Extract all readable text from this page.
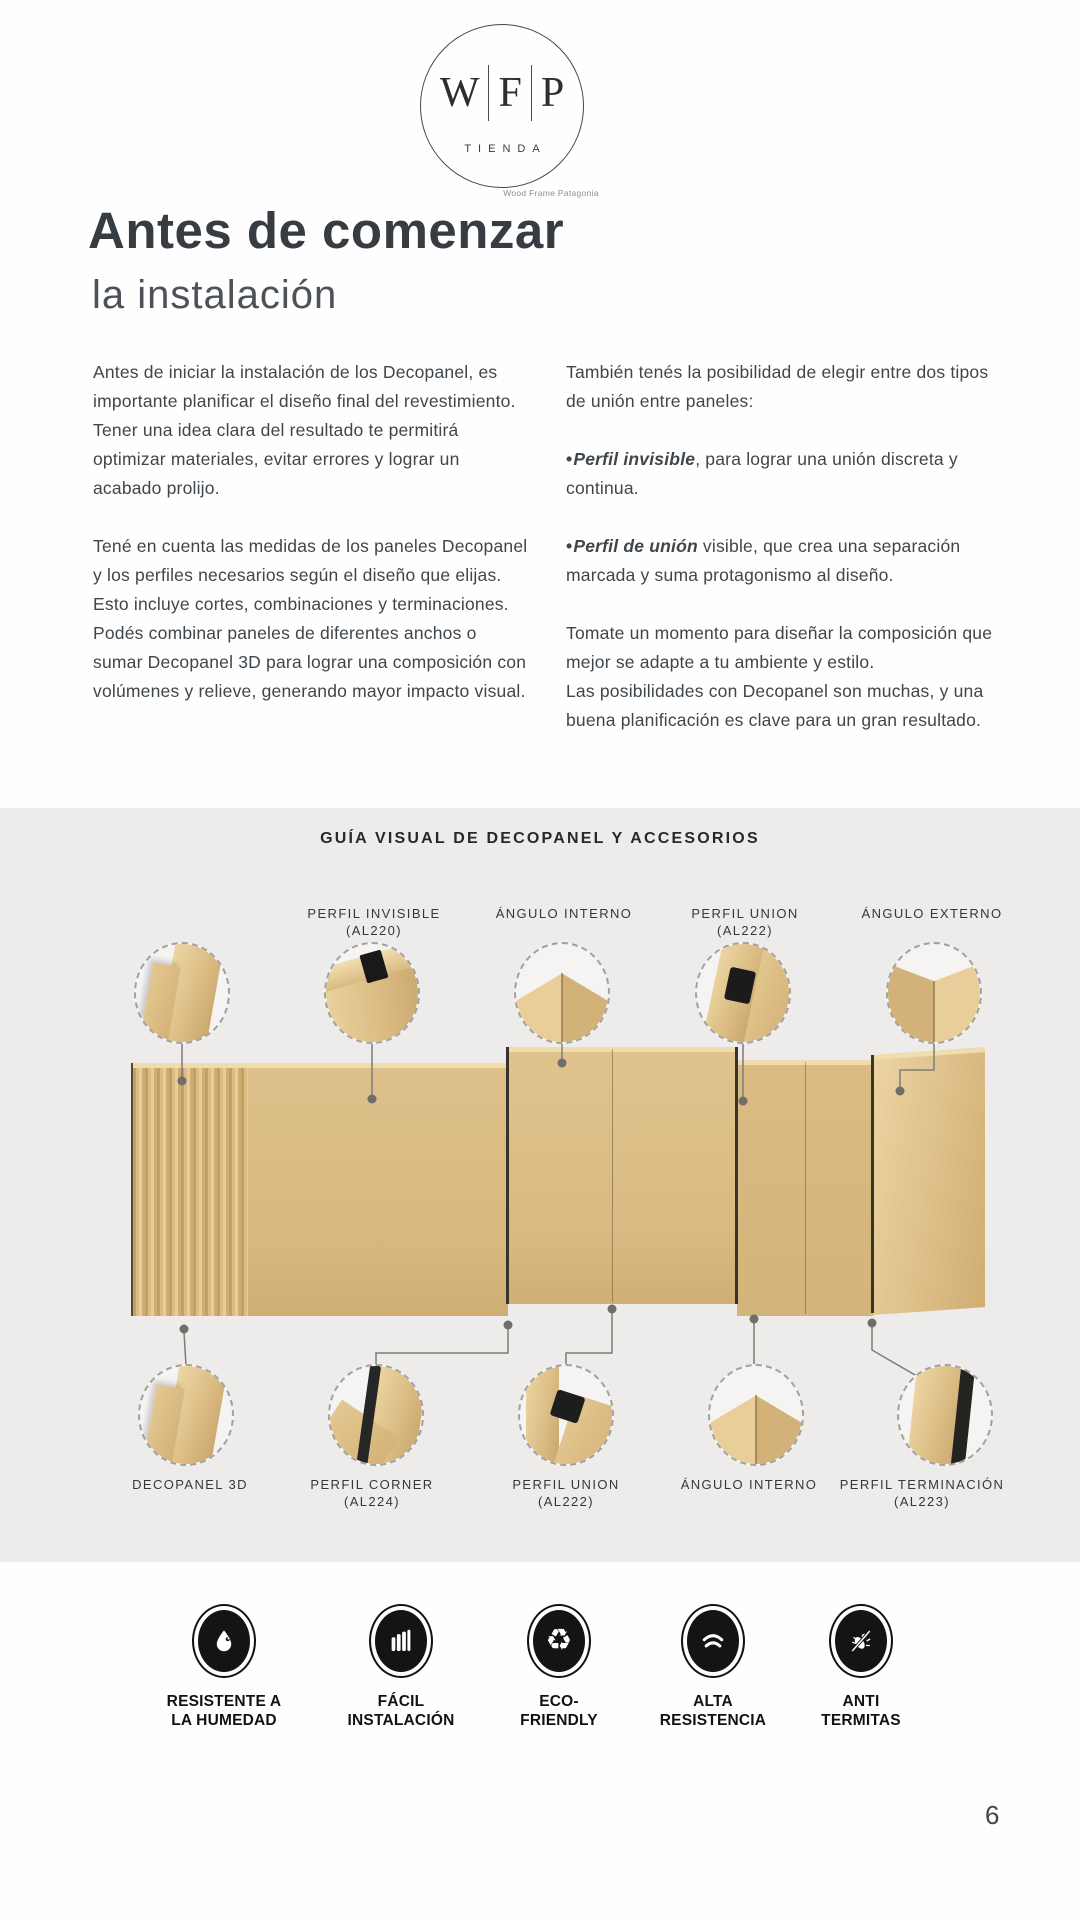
W F P
TIENDA
Wood Frame Patagonia
Antes de comenzar
la instalación

Antes de iniciar la instalación de los Decopanel, es importante planificar el diseño final del revestimiento. Tener una idea clara del resultado te permitirá optimizar materiales, evitar errores y lograr un acabado prolijo.

Tené en cuenta las medidas de los paneles Decopanel y los perfiles necesarios según el diseño que elijas. Esto incluye cortes, combinaciones y terminaciones. Podés combinar paneles de diferentes anchos o sumar Decopanel 3D para lograr una composición con volúmenes y relieve, generando mayor impacto visual.

También tenés la posibilidad de elegir entre dos tipos de unión entre paneles:

•Perfil invisible, para lograr una unión discreta y continua.

•Perfil de unión visible, que crea una separación marcada y suma protagonismo al diseño.

Tomate un momento para diseñar la composición que mejor se adapte a tu ambiente y estilo.

Las posibilidades con Decopanel son muchas, y una buena planificación es clave para un gran resultado.

GUÍA VISUAL DE DECOPANEL Y ACCESORIOS
PERFIL INVISIBLE
(AL220)
ÁNGULO INTERNO	PERFIL UNION
(AL222)
ÁNGULO EXTERNO
DECOPANEL 3D	PERFIL CORNER
(AL224)
PERFIL UNION
(AL222)
ÁNGULO INTERNO PERFIL TERMINACIÓN
(AL223)
RESISTENTE A
LA HUMEDAD
FÁCIL
INSTALACIÓN
♻
ECO-
FRIENDLY
ALTA
RESISTENCIA
ANTI
TERMITAS
6
